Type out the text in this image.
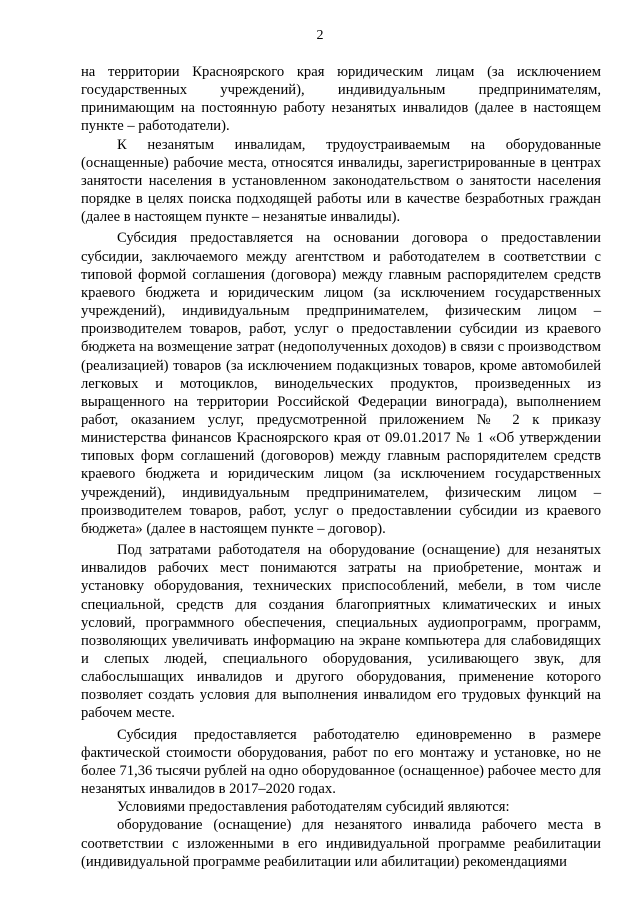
2

на территории Красноярского края юридическим лицам (за исключением государственных учреждений), индивидуальным предпринимателям, принимающим на постоянную работу незанятых инвалидов (далее в настоящем пункте – работодатели).

К незанятым инвалидам, трудоустраиваемым на оборудованные (оснащенные) рабочие места, относятся инвалиды, зарегистрированные в центрах занятости населения в установленном законодательством о занятости населения порядке в целях поиска подходящей работы или в качестве безработных граждан (далее в настоящем пункте – незанятые инвалиды).

Субсидия предоставляется на основании договора о предоставлении субсидии, заключаемого между агентством и работодателем в соответствии с типовой формой соглашения (договора) между главным распорядителем средств краевого бюджета и юридическим лицом (за исключением государственных учреждений), индивидуальным предпринимателем, физическим лицом – производителем товаров, работ, услуг о предоставлении субсидии из краевого бюджета на возмещение затрат (недополученных доходов) в связи с производством (реализацией) товаров (за исключением подакцизных товаров, кроме автомобилей легковых и мотоциклов, винодельческих продуктов, произведенных из выращенного на территории Российской Федерации винограда), выполнением работ, оказанием услуг, предусмотренной приложением № 2 к приказу министерства финансов Красноярского края от 09.01.2017 № 1 «Об утверждении типовых форм соглашений (договоров) между главным распорядителем средств краевого бюджета и юридическим лицом (за исключением государственных учреждений), индивидуальным предпринимателем, физическим лицом – производителем товаров, работ, услуг о предоставлении субсидии из краевого бюджета» (далее в настоящем пункте – договор).

Под затратами работодателя на оборудование (оснащение) для незанятых инвалидов рабочих мест понимаются затраты на приобретение, монтаж и установку оборудования, технических приспособлений, мебели, в том числе специальной, средств для создания благоприятных климатических и иных условий, программного обеспечения, специальных аудиопрограмм, программ, позволяющих увеличивать информацию на экране компьютера для слабовидящих и слепых людей, специального оборудования, усиливающего звук, для слабослышащих инвалидов и другого оборудования, применение которого позволяет создать условия для выполнения инвалидом его трудовых функций на рабочем месте.

Субсидия предоставляется работодателю единовременно в размере фактической стоимости оборудования, работ по его монтажу и установке, но не более 71,36 тысячи рублей на одно оборудованное (оснащенное) рабочее место для незанятых инвалидов в 2017–2020 годах.

Условиями предоставления работодателям субсидий являются:

оборудование (оснащение) для незанятого инвалида рабочего места в соответствии с изложенными в его индивидуальной программе реабилитации (индивидуальной программе реабилитации или абилитации) рекомендациями
